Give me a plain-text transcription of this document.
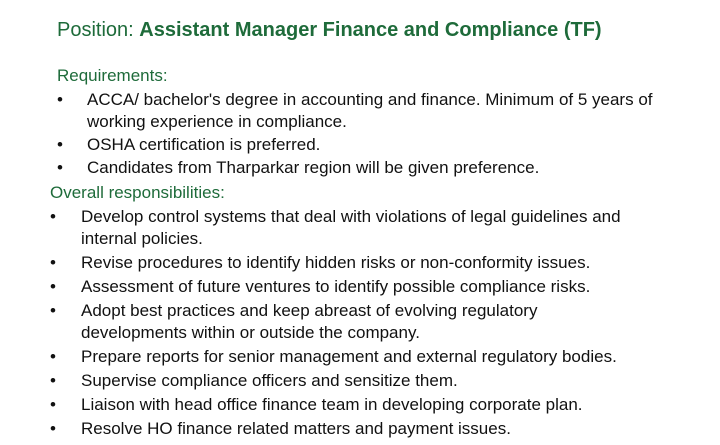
Position: Assistant Manager Finance and Compliance (TF)
Requirements:
• ACCA/ bachelor's degree in accounting and finance. Minimum of 5 years of working experience in compliance.
• OSHA certification is preferred.
• Candidates from Tharparkar region will be given preference.
Overall responsibilities:
• Develop control systems that deal with violations of legal guidelines and internal policies.
• Revise procedures to identify hidden risks or non-conformity issues.
• Assessment of future ventures to identify possible compliance risks.
• Adopt best practices and keep abreast of evolving regulatory developments within or outside the company.
• Prepare reports for senior management and external regulatory bodies.
• Supervise compliance officers and sensitize them.
• Liaison with head office finance team in developing corporate plan.
• Resolve HO finance related matters and payment issues.
